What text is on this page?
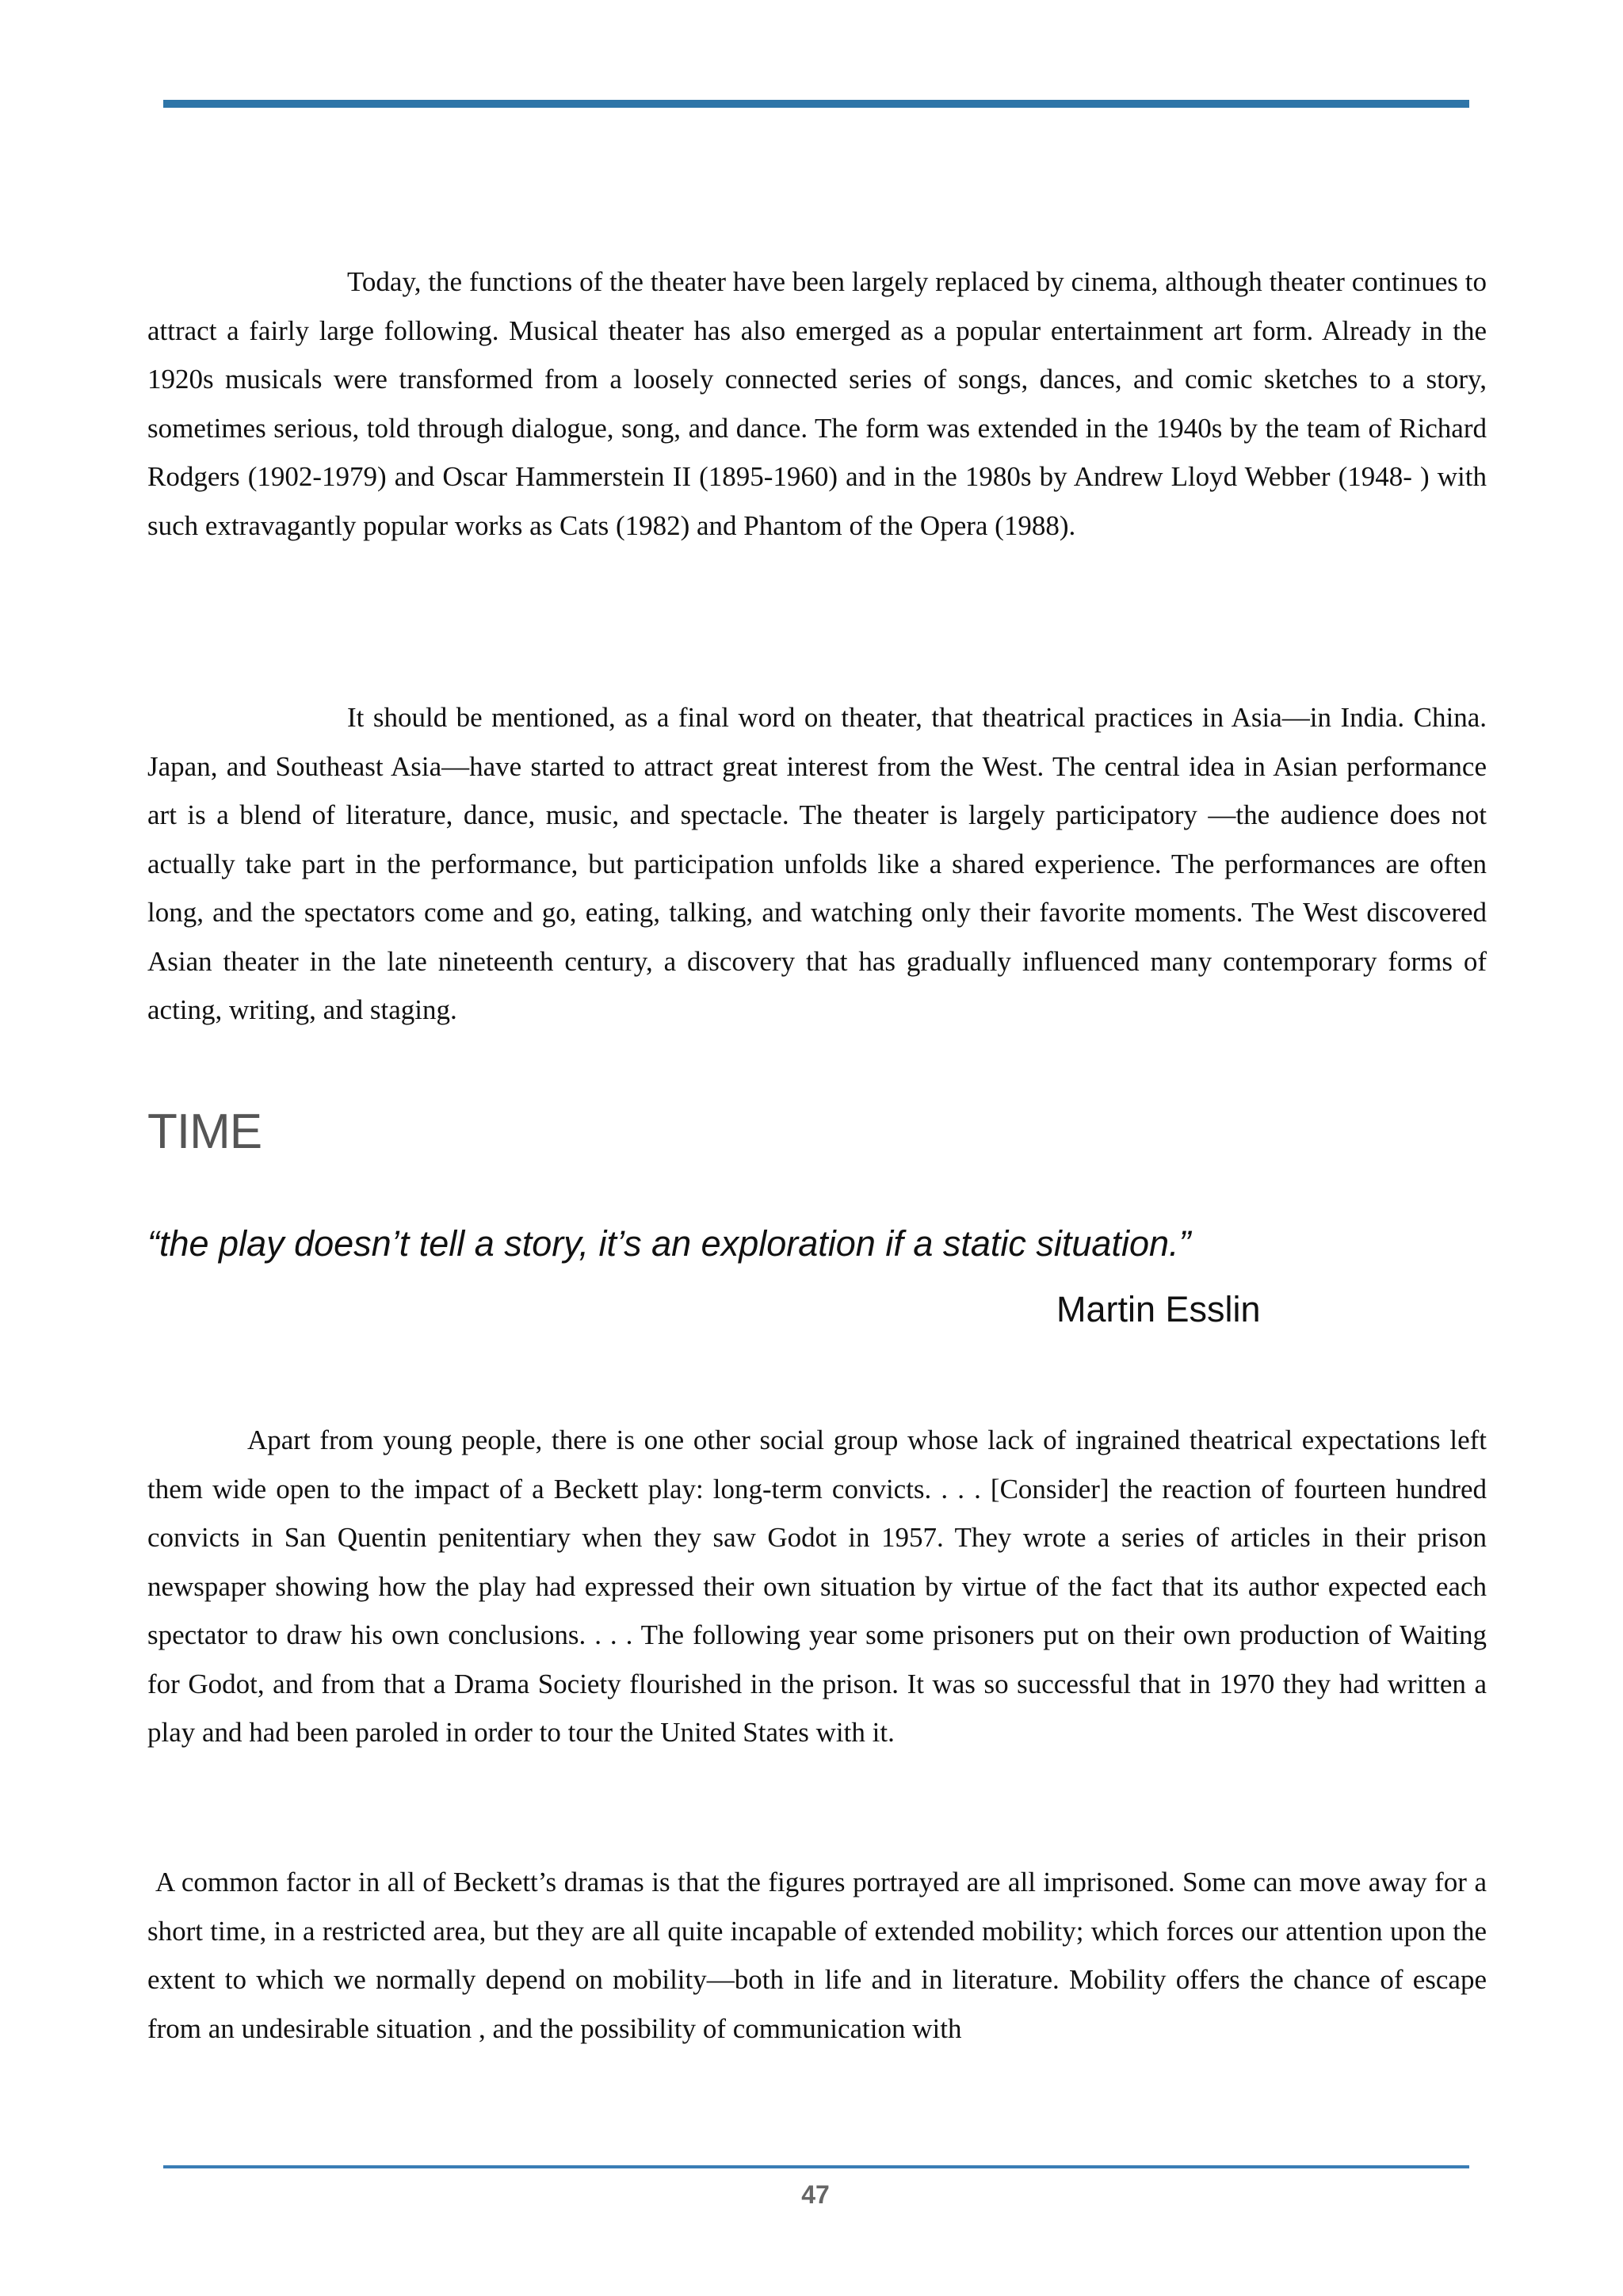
Today, the functions of the theater have been largely replaced by cinema, although theater continues to attract a fairly large following. Musical theater has also emerged as a popular entertainment art form. Already in the 1920s musicals were transformed from a loosely connected series of songs, dances, and comic sketches to a story, sometimes serious, told through dialogue, song, and dance. The form was extended in the 1940s by the team of Richard Rodgers (1902-1979) and Oscar Hammerstein II (1895-1960) and in the 1980s by Andrew Lloyd Webber (1948- ) with such extravagantly popular works as Cats (1982) and Phantom of the Opera (1988).

It should be mentioned, as a final word on theater, that theatrical practices in Asia—in India. China. Japan, and Southeast Asia—have started to attract great interest from the West. The central idea in Asian performance art is a blend of literature, dance, music, and spectacle. The theater is largely participatory —the audience does not actually take part in the performance, but participation unfolds like a shared experience. The performances are often long, and the spectators come and go, eating, talking, and watching only their favorite moments. The West discovered Asian theater in the late nineteenth century, a discovery that has gradually influenced many contemporary forms of acting, writing, and staging.

TIME

“the play doesn’t tell a story, it’s an exploration if a static situation.”

Martin Esslin

Apart from young people, there is one other social group whose lack of ingrained theatrical expectations left them wide open to the impact of a Beckett play: long-term convicts. . . . [Consider] the reaction of fourteen hundred convicts in San Quentin penitentiary when they saw Godot in 1957. They wrote a series of articles in their prison newspaper showing how the play had expressed their own situation by virtue of the fact that its author expected each spectator to draw his own conclusions. . . . The following year some prisoners put on their own production of Waiting for Godot, and from that a Drama Society flourished in the prison. It was so successful that in 1970 they had written a play and had been paroled in order to tour the United States with it.

A common factor in all of Beckett’s dramas is that the figures portrayed are all imprisoned. Some can move away for a short time, in a restricted area, but they are all quite incapable of extended mobility; which forces our attention upon the extent to which we normally depend on mobility—both in life and in literature. Mobility offers the chance of escape from an undesirable situation , and the possibility of communication with

47
